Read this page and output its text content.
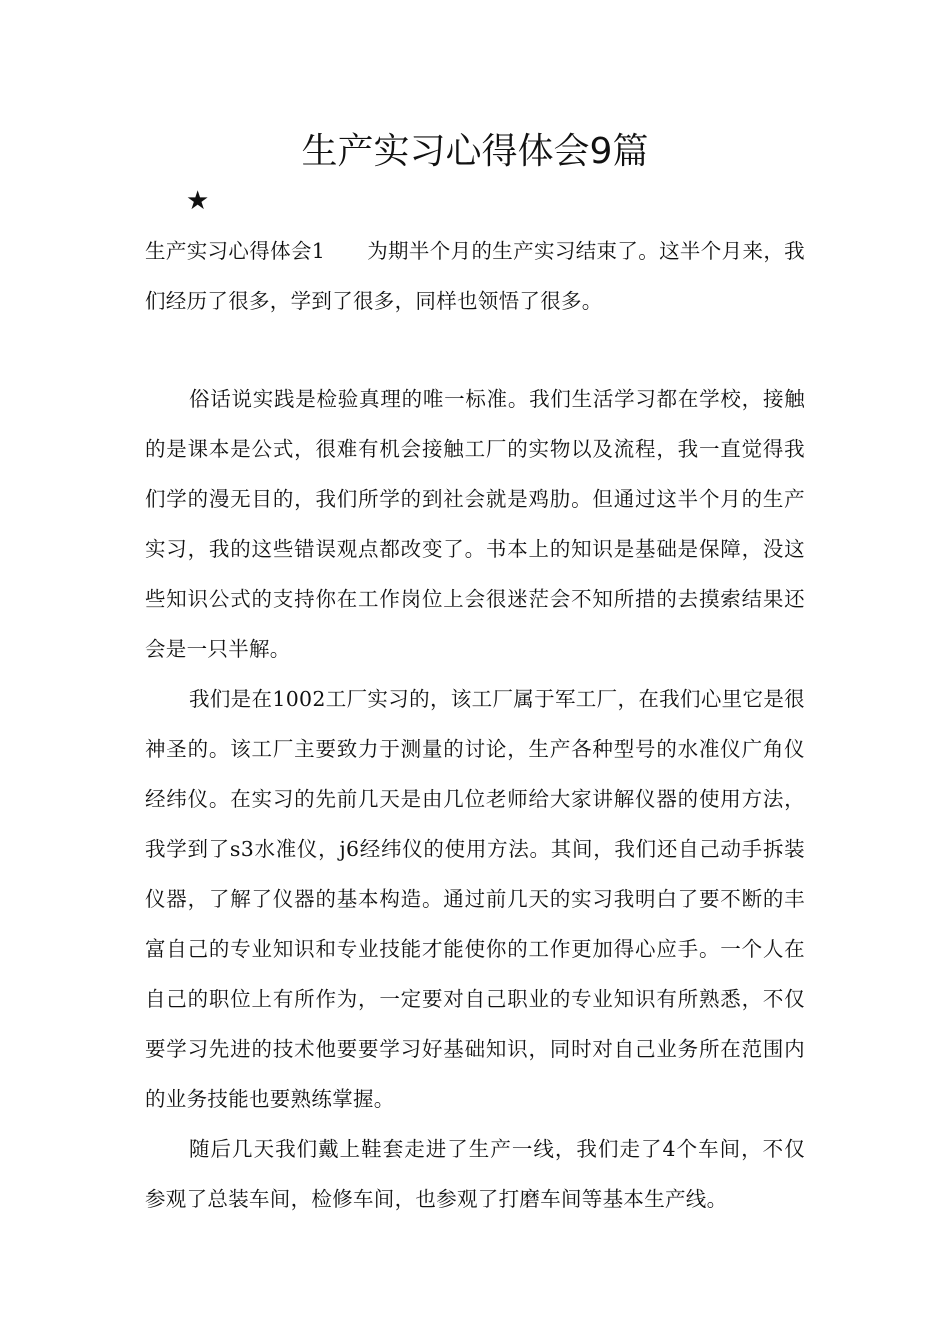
生产实习心得体会9篇
★

生产实习心得体会1 为期半个月的生产实习结束了。这半个月来，我们经历了很多，学到了很多，同样也领悟了很多。

俗话说实践是检验真理的唯一标准。我们生活学习都在学校，接触的是课本是公式，很难有机会接触工厂的实物以及流程，我一直觉得我们学的漫无目的，我们所学的到社会就是鸡肋。但通过这半个月的生产实习，我的这些错误观点都改变了。书本上的知识是基础是保障，没这些知识公式的支持你在工作岗位上会很迷茫会不知所措的去摸索结果还会是一只半解。

我们是在1002工厂实习的，该工厂属于军工厂，在我们心里它是很神圣的。该工厂主要致力于测量的讨论，生产各种型号的水准仪广角仪经纬仪。在实习的先前几天是由几位老师给大家讲解仪器的使用方法，我学到了s3水准仪，j6经纬仪的使用方法。其间，我们还自己动手拆装仪器，了解了仪器的基本构造。通过前几天的实习我明白了要不断的丰富自己的专业知识和专业技能才能使你的工作更加得心应手。一个人在自己的职位上有所作为，一定要对自己职业的专业知识有所熟悉，不仅要学习先进的技术他要要学习好基础知识，同时对自己业务所在范围内的业务技能也要熟练掌握。

随后几天我们戴上鞋套走进了生产一线，我们走了4个车间，不仅参观了总装车间，检修车间，也参观了打磨车间等基本生产线。
